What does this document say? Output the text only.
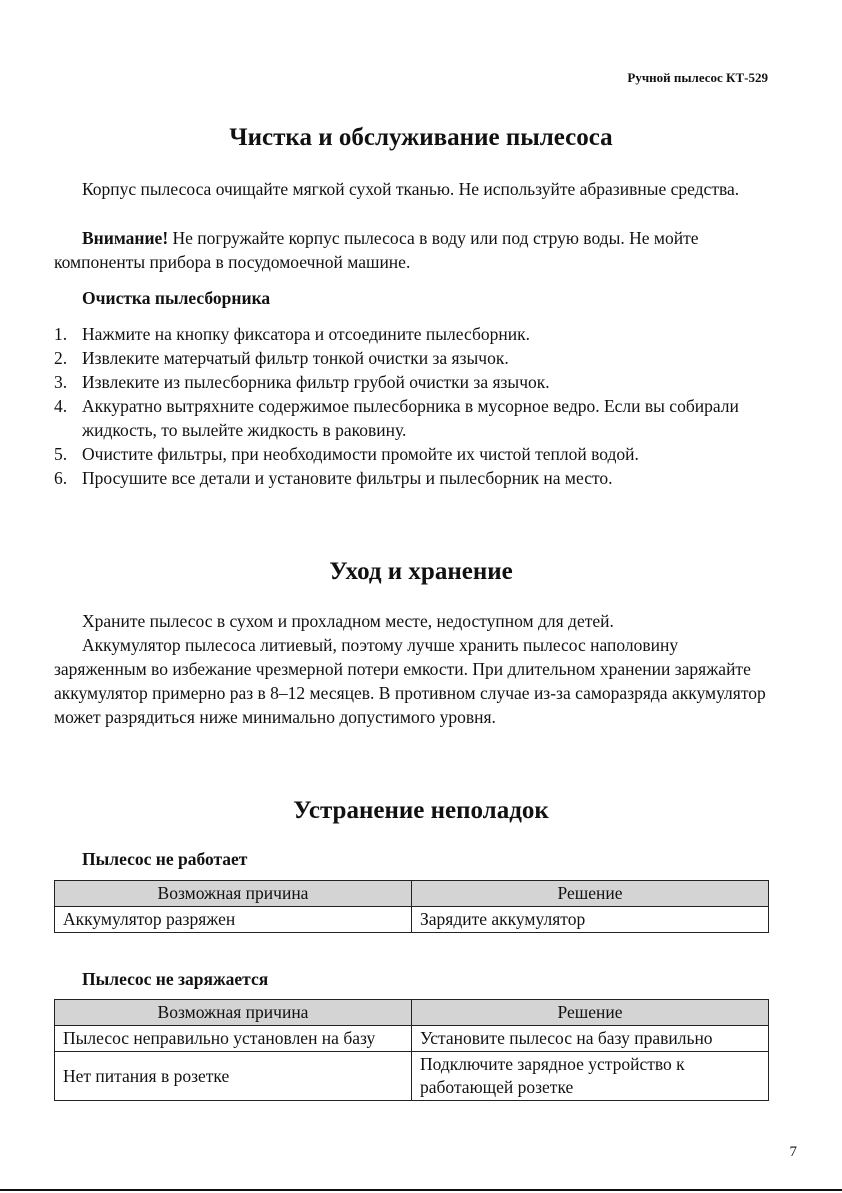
Ручной пылесос КТ-529
Чистка и обслуживание пылесоса

Корпус пылесоса очищайте мягкой сухой тканью. Не используйте абразивные средства.

Внимание! Не погружайте корпус пылесоса в воду или под струю воды. Не мойте компоненты прибора в посудомоечной машине.

Очистка пылесборника
1. Нажмите на кнопку фиксатора и отсоедините пылесборник.
2. Извлеките матерчатый фильтр тонкой очистки за язычок.
3. Извлеките из пылесборника фильтр грубой очистки за язычок.
4. Аккуратно вытряхните содержимое пылесборника в мусорное ведро. Если вы собирали жидкость, то вылейте жидкость в раковину.
5. Очистите фильтры, при необходимости промойте их чистой теплой водой.
6. Просушите все детали и установите фильтры и пылесборник на место.
Уход и хранение

Храните пылесос в сухом и прохладном месте, недоступном для детей.

Аккумулятор пылесоса литиевый, поэтому лучше хранить пылесос наполовину заряженным во избежание чрезмерной потери емкости. При длительном хранении заряжайте аккумулятор примерно раз в 8–12 месяцев. В противном случае из-за саморазряда аккумулятор может разрядиться ниже минимально допустимого уровня.

Устранение неполадок
Пылесос не работает
Возможная причина	Решение
Аккумулятор разряжен	Зарядите аккумулятор
Пылесос не заряжается
Возможная причина	Решение
Пылесос неправильно установлен на базу	Установите пылесос на базу правильно
Нет питания в розетке	Подключите зарядное устройство к работающей розетке
7
